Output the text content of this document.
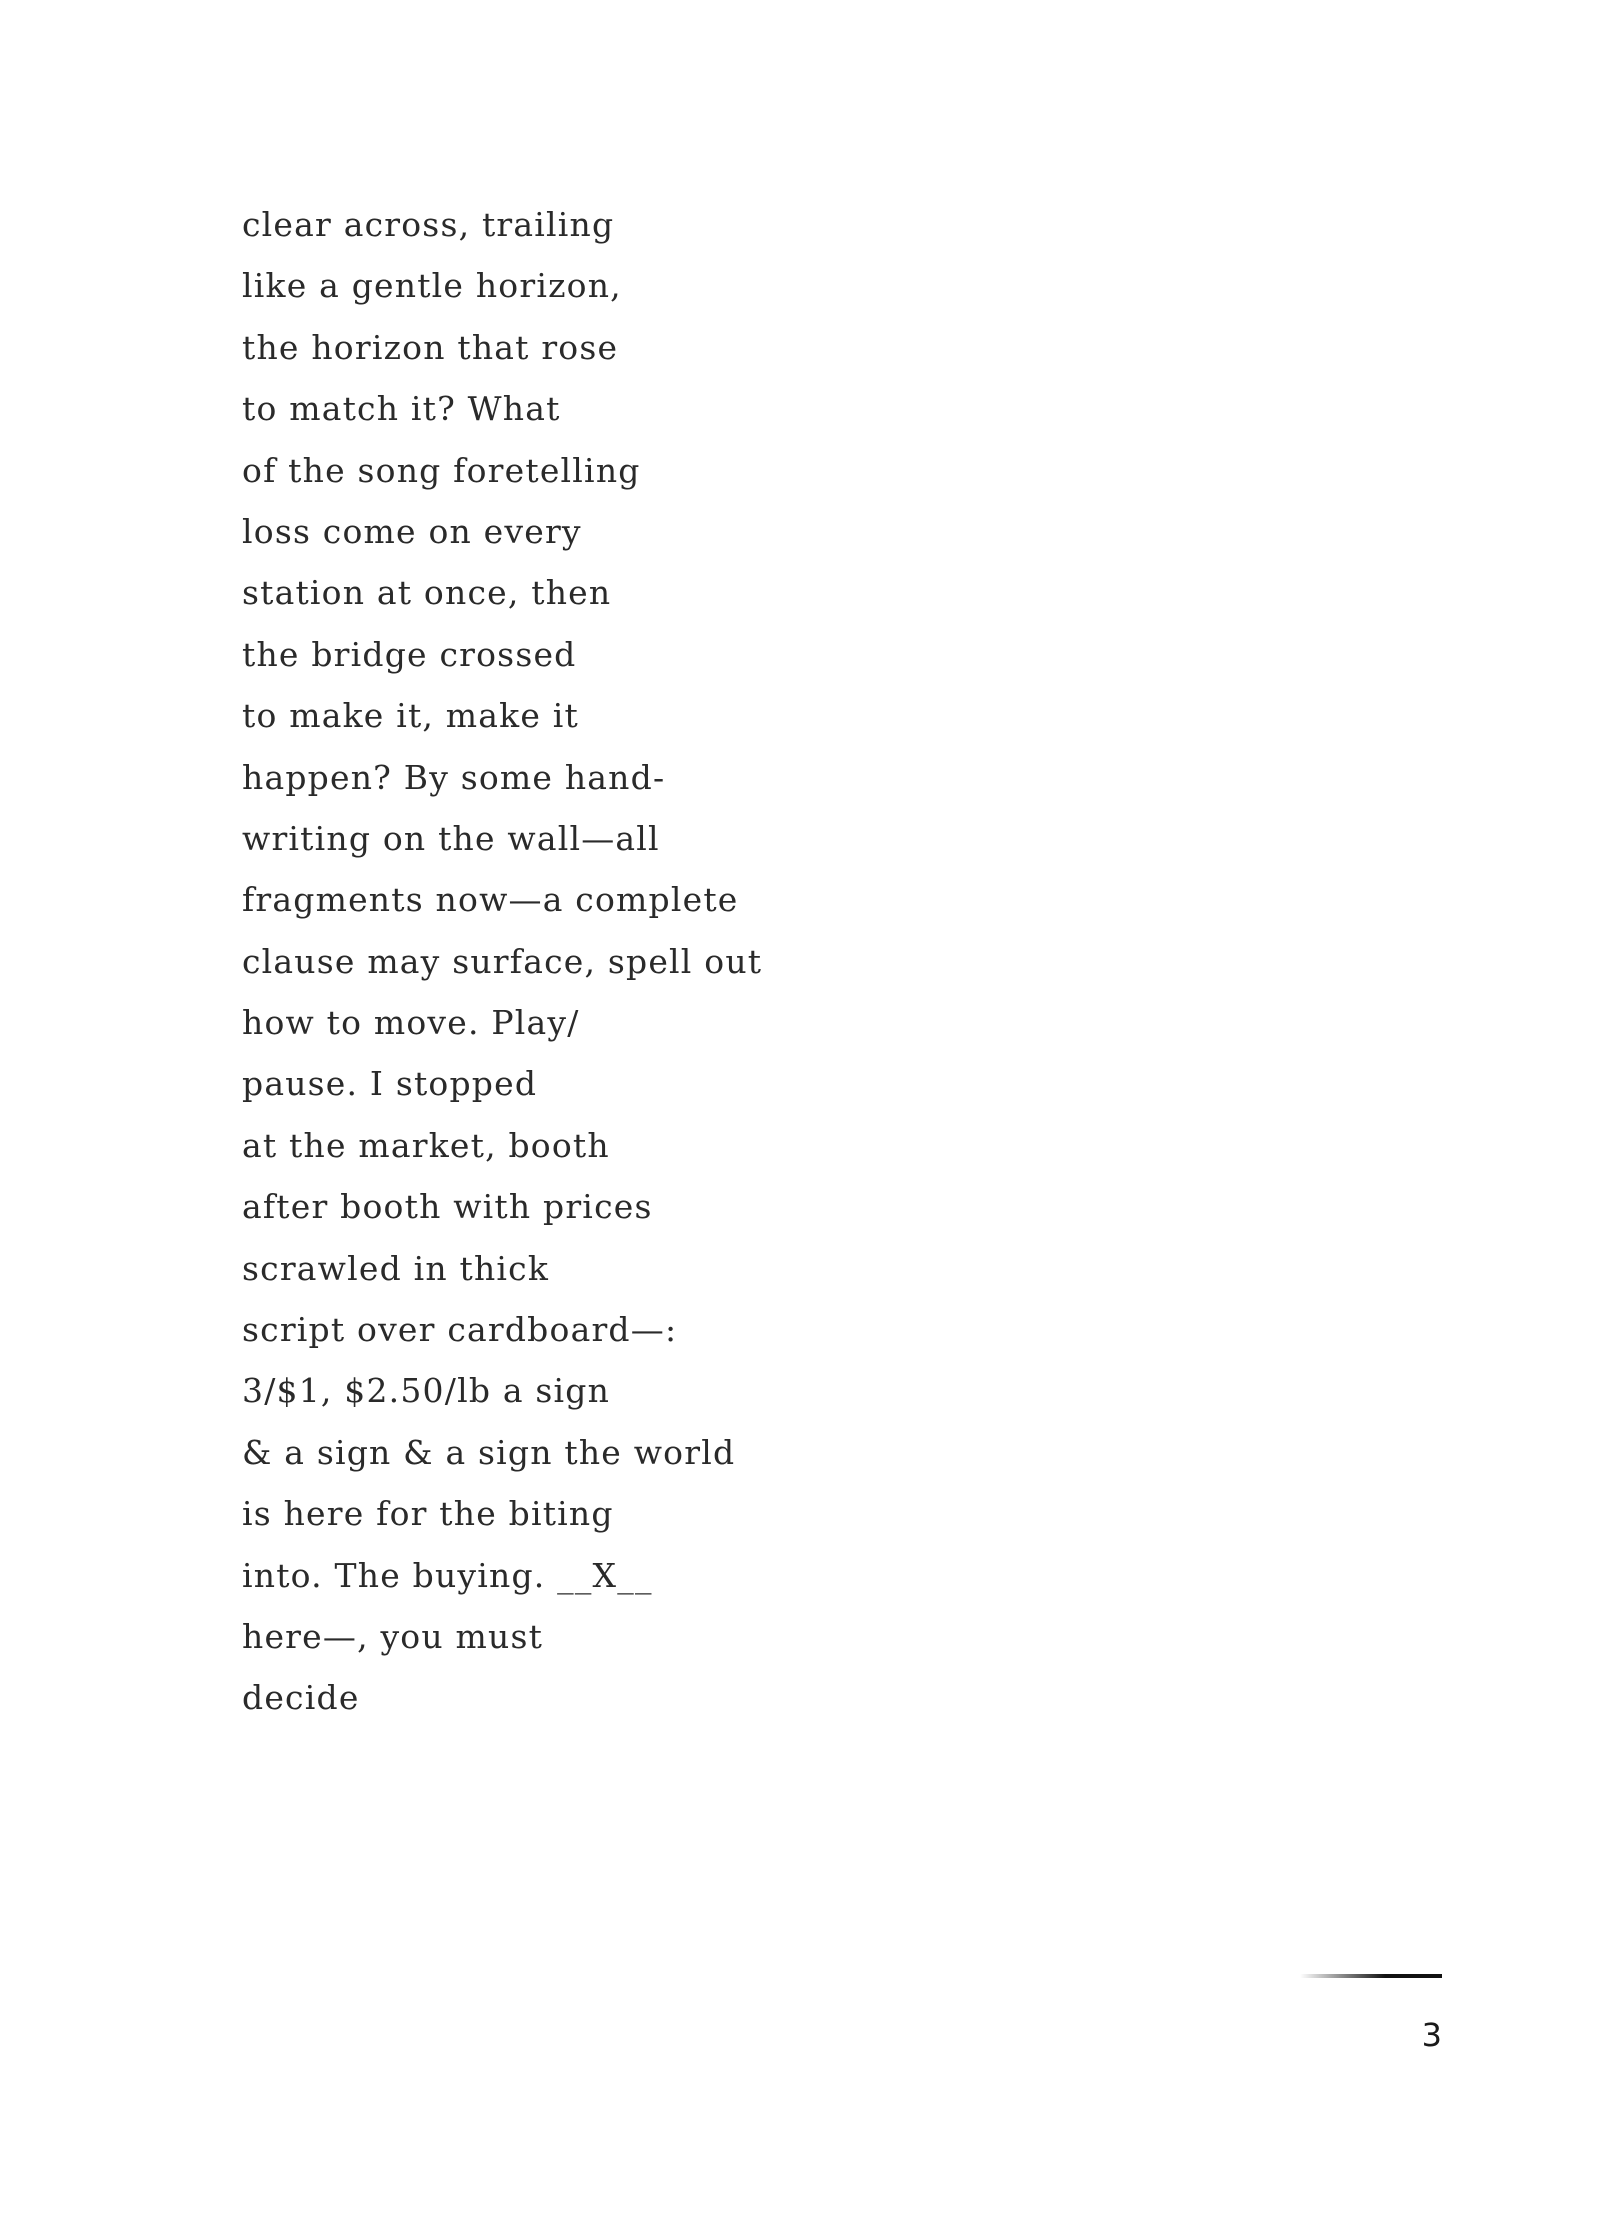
clear across, trailing
like a gentle horizon,
the horizon that rose
to match it? What
of the song foretelling
loss come on every
station at once, then
the bridge crossed
to make it, make it
happen? By some hand-
writing on the wall—all
fragments now—a complete
clause may surface, spell out
how to move. Play/
pause. I stopped
at the market, booth
after booth with prices
scrawled in thick
script over cardboard—:
3/$1, $2.50/lb a sign
& a sign & a sign the world
is here for the biting
into. The buying. __X__
here—, you must
decide
3
